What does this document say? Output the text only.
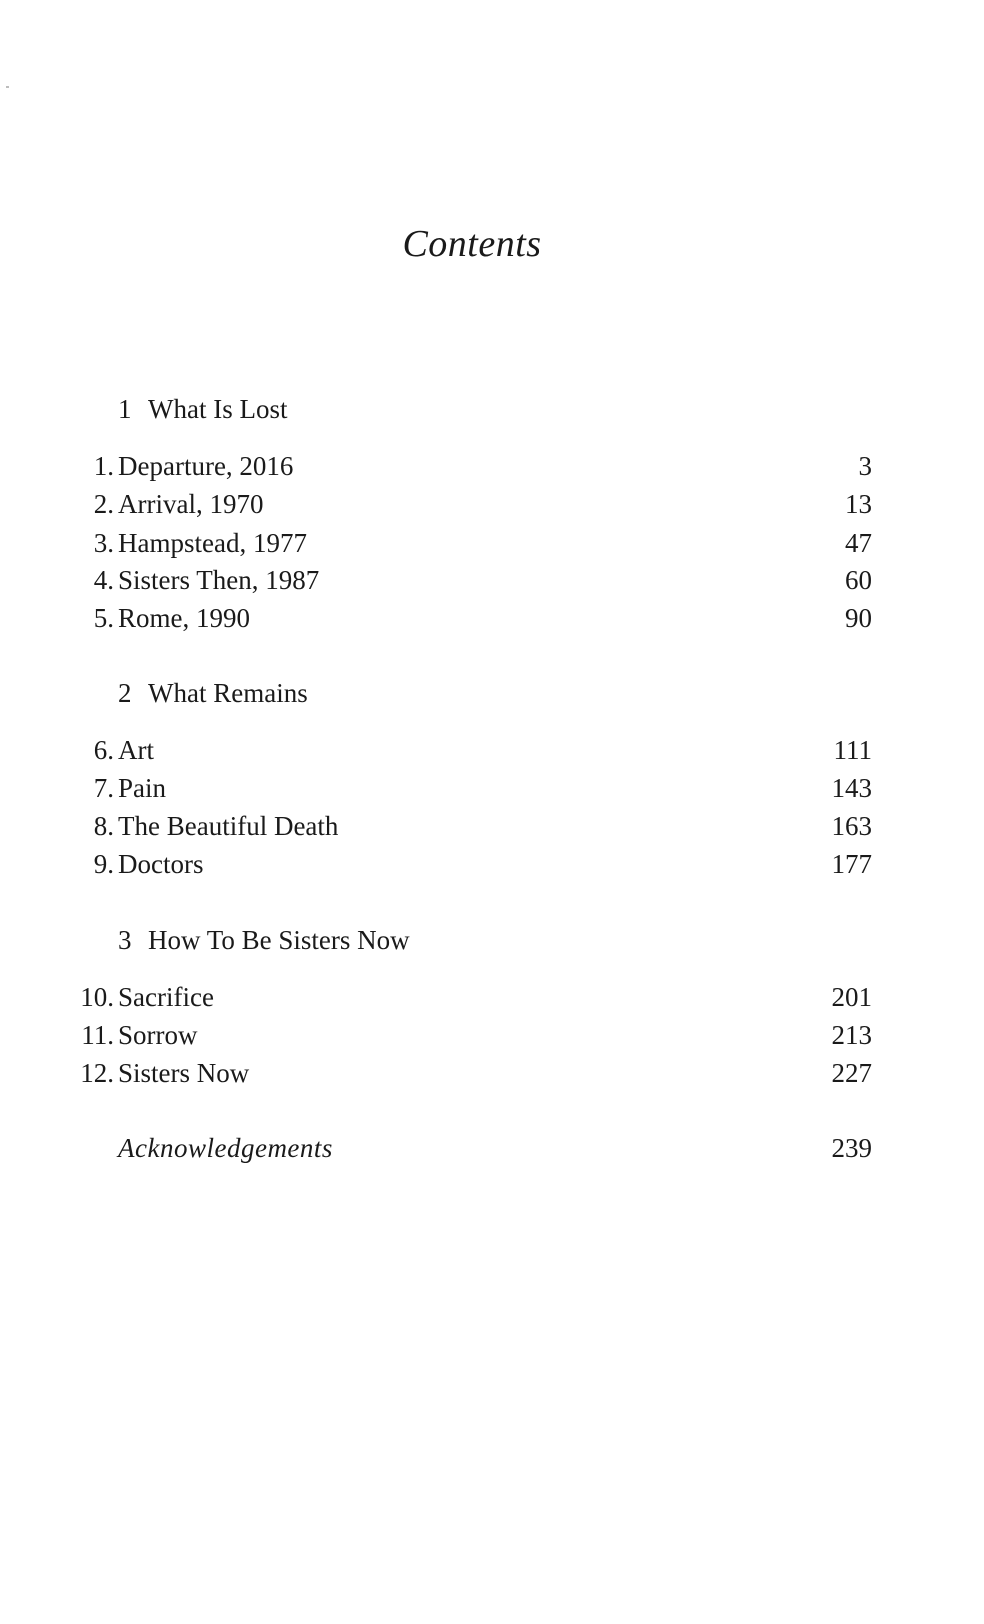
Contents
1 What Is Lost
1. Departure, 2016	3
2. Arrival, 1970	13
3. Hampstead, 1977	47
4. Sisters Then, 1987	60
5. Rome, 1990	90
2 What Remains
6. Art	111
7. Pain	143
8. The Beautiful Death	163
9. Doctors	177
3 How To Be Sisters Now
10. Sacrifice	201
11. Sorrow	213
12. Sisters Now	227
Acknowledgements	239
